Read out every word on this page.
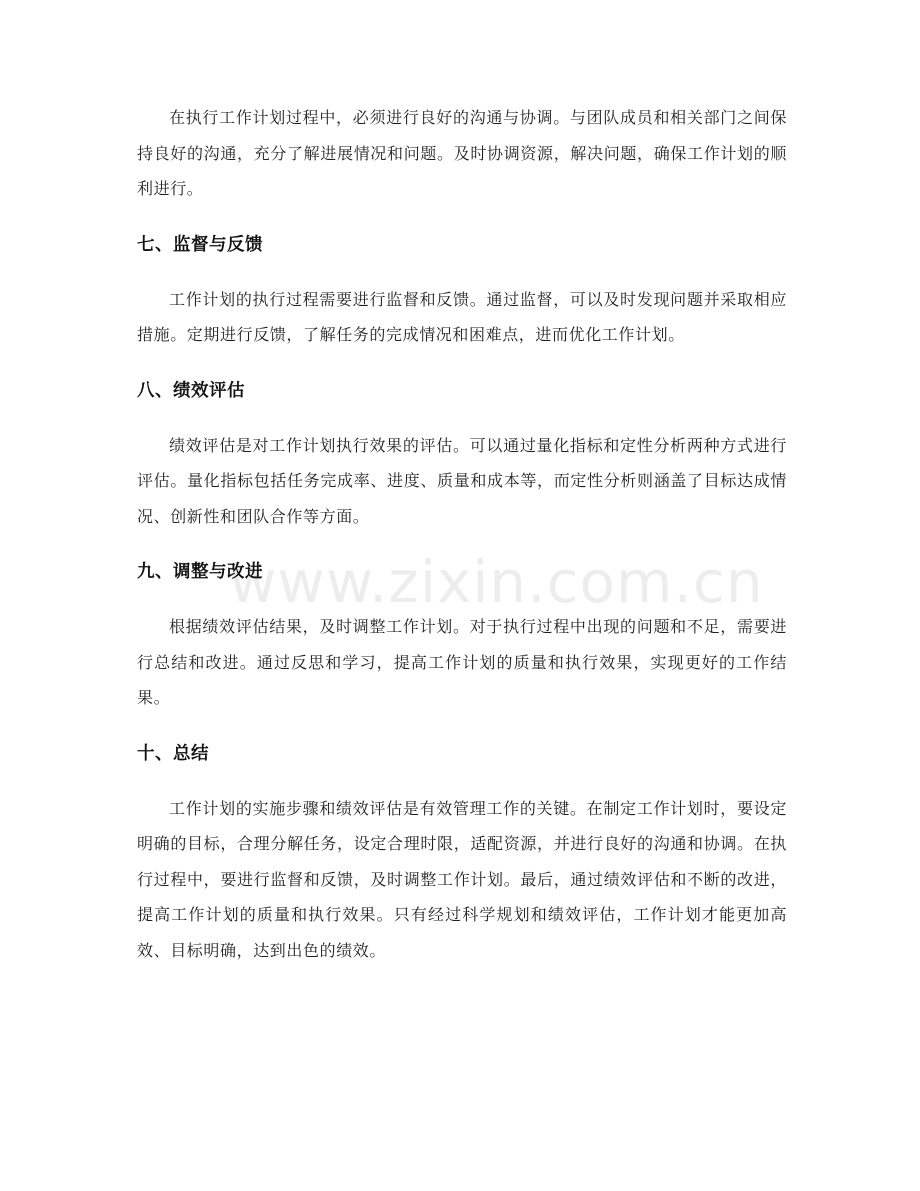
在执行工作计划过程中，必须进行良好的沟通与协调。与团队成员和相关部门之间保持良好的沟通，充分了解进展情况和问题。及时协调资源，解决问题，确保工作计划的顺利进行。

七、监督与反馈

工作计划的执行过程需要进行监督和反馈。通过监督，可以及时发现问题并采取相应措施。定期进行反馈，了解任务的完成情况和困难点，进而优化工作计划。

八、绩效评估

绩效评估是对工作计划执行效果的评估。可以通过量化指标和定性分析两种方式进行评估。量化指标包括任务完成率、进度、质量和成本等，而定性分析则涵盖了目标达成情况、创新性和团队合作等方面。

九、调整与改进

根据绩效评估结果，及时调整工作计划。对于执行过程中出现的问题和不足，需要进行总结和改进。通过反思和学习，提高工作计划的质量和执行效果，实现更好的工作结果。

十、总结

工作计划的实施步骤和绩效评估是有效管理工作的关键。在制定工作计划时，要设定明确的目标，合理分解任务，设定合理时限，适配资源，并进行良好的沟通和协调。在执行过程中，要进行监督和反馈，及时调整工作计划。最后，通过绩效评估和不断的改进，提高工作计划的质量和执行效果。只有经过科学规划和绩效评估，工作计划才能更加高效、目标明确，达到出色的绩效。

www.zixin.com.cn
